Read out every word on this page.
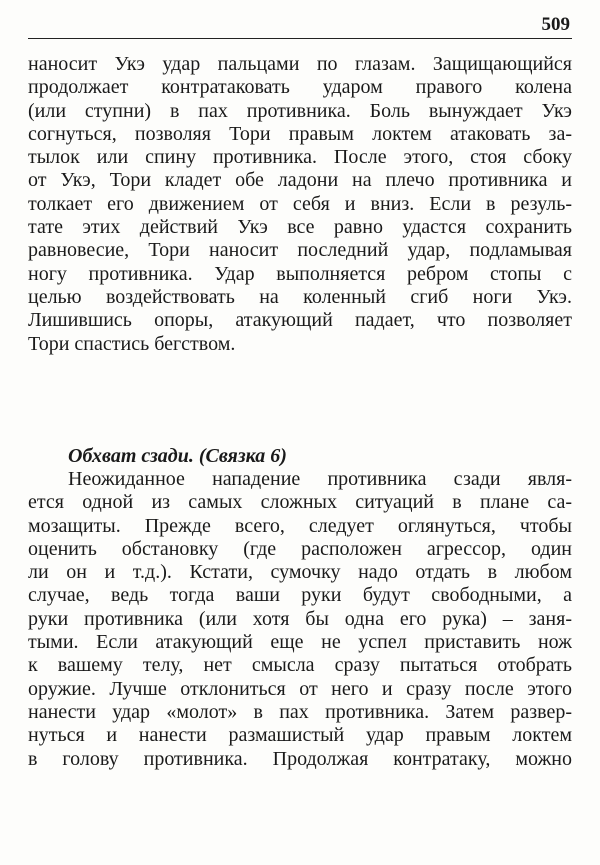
509
наносит Укэ удар пальцами по глазам. Защищающийся
продолжает контратаковать ударом правого колена
(или ступни) в пах противника. Боль вынуждает Укэ
согнуться, позволяя Тори правым локтем атаковать за-
тылок или спину противника. После этого, стоя сбоку
от Укэ, Тори кладет обе ладони на плечо противника и
толкает его движением от себя и вниз. Если в резуль-
тате этих действий Укэ все равно удастся сохранить
равновесие, Тори наносит последний удар, подламывая
ногу противника. Удар выполняется ребром стопы с
целью воздействовать на коленный сгиб ноги Укэ.
Лишившись опоры, атакующий падает, что позволяет
Тори спастись бегством.
Обхват сзади. (Связка 6)
Неожиданное нападение противника сзади явля-
ется одной из самых сложных ситуаций в плане са-
мозащиты. Прежде всего, следует оглянуться, чтобы
оценить обстановку (где расположен агрессор, один
ли он и т.д.). Кстати, сумочку надо отдать в любом
случае, ведь тогда ваши руки будут свободными, а
руки противника (или хотя бы одна его рука) – заня-
тыми. Если атакующий еще не успел приставить нож
к вашему телу, нет смысла сразу пытаться отобрать
оружие. Лучше отклониться от него и сразу после этого
нанести удар «молот» в пах противника. Затем развер-
нуться и нанести размашистый удар правым локтем
в голову противника. Продолжая контратаку, можно
